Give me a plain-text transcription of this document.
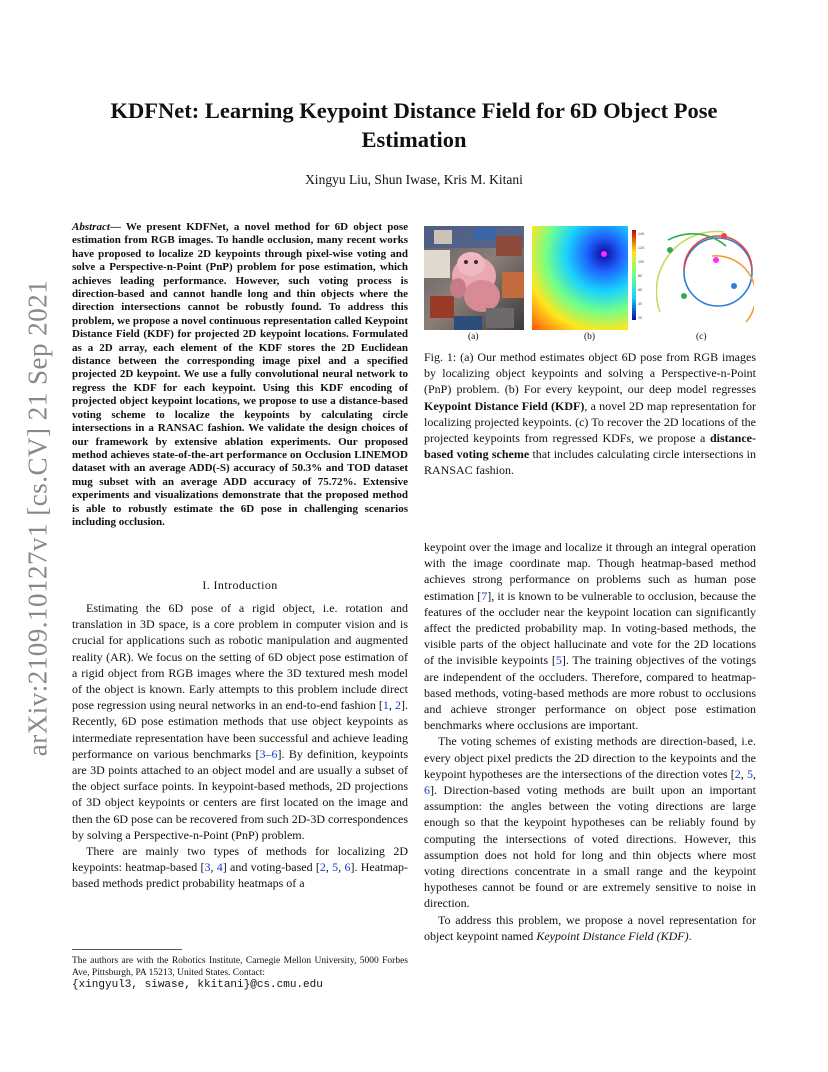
arXiv:2109.10127v1 [cs.CV] 21 Sep 2021
KDFNet: Learning Keypoint Distance Field for 6D Object Pose Estimation
Xingyu Liu, Shun Iwase, Kris M. Kitani
Abstract— We present KDFNet, a novel method for 6D object pose estimation from RGB images. To handle occlusion, many recent works have proposed to localize 2D keypoints through pixel-wise voting and solve a Perspective-n-Point (PnP) problem for pose estimation, which achieves leading performance. However, such voting process is direction-based and cannot handle long and thin objects where the direction intersections cannot be robustly found. To address this problem, we propose a novel continuous representation called Keypoint Distance Field (KDF) for projected 2D keypoint locations. Formulated as a 2D array, each element of the KDF stores the 2D Euclidean distance between the corresponding image pixel and a specified projected 2D keypoint. We use a fully convolutional neural network to regress the KDF for each keypoint. Using this KDF encoding of projected object keypoint locations, we propose to use a distance-based voting scheme to localize the keypoints by calculating circle intersections in a RANSAC fashion. We validate the design choices of our framework by extensive ablation experiments. Our proposed method achieves state-of-the-art performance on Occlusion LINEMOD dataset with an average ADD(-S) accuracy of 50.3% and TOD dataset mug subset with an average ADD accuracy of 75.72%. Extensive experiments and visualizations demonstrate that the proposed method is able to robustly estimate the 6D pose in challenging scenarios including occlusion.
I. Introduction

Estimating the 6D pose of a rigid object, i.e. rotation and translation in 3D space, is a core problem in computer vision and is crucial for applications such as robotic manipulation and augmented reality (AR). We focus on the setting of 6D object pose estimation of a rigid object from RGB images where the 3D textured mesh model of the object is known. Early attempts to this problem include direct pose regression using neural networks in an end-to-end fashion [1, 2]. Recently, 6D pose estimation methods that use object keypoints as intermediate representation have been successful and achieve leading performance on various benchmarks [3–6]. By definition, keypoints are 3D points attached to an object model and are usually a subset of the object surface points. In keypoint-based methods, 2D projections of 3D object keypoints or centers are first located on the image and then the 6D pose can be recovered from such 2D-3D correspondences by solving a Perspective-n-Point (PnP) problem.

There are mainly two types of methods for localizing 2D keypoints: heatmap-based [3, 4] and voting-based [2, 5, 6]. Heatmap-based methods predict probability heatmaps of a

The authors are with the Robotics Institute, Carnegie Mellon University, 5000 Forbes Ave, Pittsburgh, PA 15213, United States. Contact:
{xingyul3, siwase, kkitani}@cs.cmu.edu
140
120
100
80
60
40
20
(a)	(b)	(c)
Fig. 1: (a) Our method estimates object 6D pose from RGB images by localizing object keypoints and solving a Perspective-n-Point (PnP) problem. (b) For every keypoint, our deep model regresses Keypoint Distance Field (KDF), a novel 2D map representation for localizing projected keypoints. (c) To recover the 2D locations of the projected keypoints from regressed KDFs, we propose a distance-based voting scheme that includes calculating circle intersections in RANSAC fashion.

keypoint over the image and localize it through an integral operation with the image coordinate map. Though heatmap-based method achieves strong performance on problems such as human pose estimation [7], it is known to be vulnerable to occlusion, because the features of the occluder near the keypoint location can significantly affect the predicted probability map. In voting-based methods, the visible parts of the object hallucinate and vote for the 2D locations of the invisible keypoints [5]. The training objectives of the votings are independent of the occluders. Therefore, compared to heatmap-based methods, voting-based methods are more robust to occlusions and achieve stronger performance on object pose estimation benchmarks where occlusions are important.

The voting schemes of existing methods are direction-based, i.e. every object pixel predicts the 2D direction to the keypoints and the keypoint hypotheses are the intersections of the direction votes [2, 5, 6]. Direction-based voting methods are built upon an important assumption: the angles between the voting directions are large enough so that the keypoint hypotheses can be reliably found by computing the intersections of voted directions. However, this assumption does not hold for long and thin objects where most voting directions concentrate in a small range and the keypoint hypotheses cannot be found or are extremely sensitive to noise in direction.

To address this problem, we propose a novel representation for object keypoint named Keypoint Distance Field (KDF).
